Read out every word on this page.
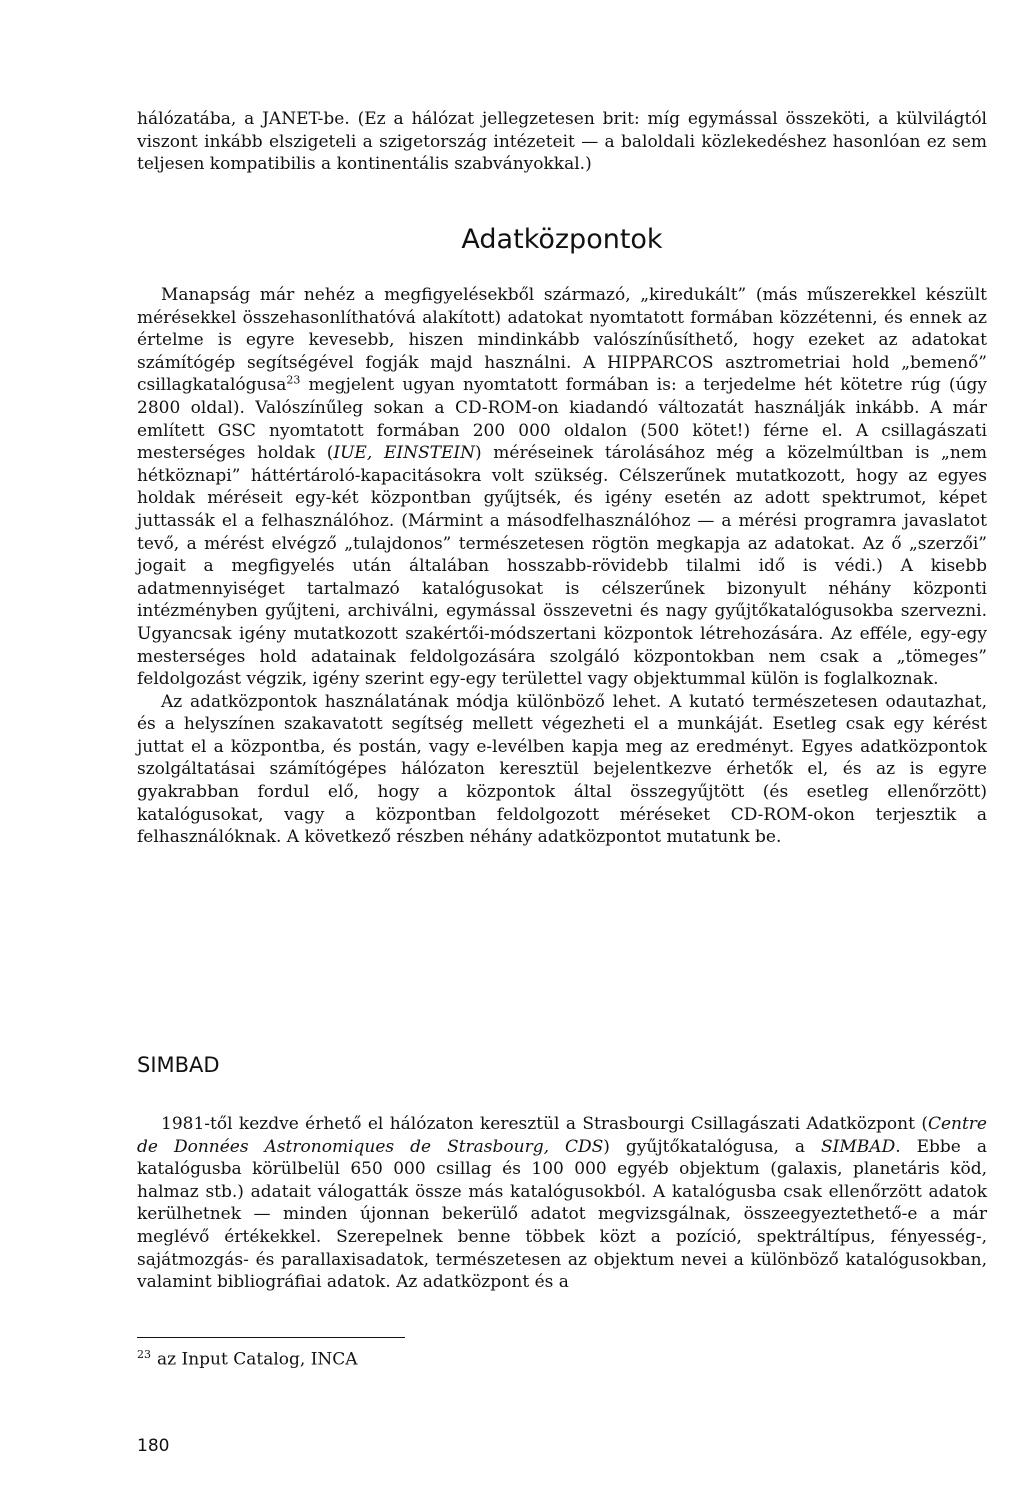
hálózatába, a JANET-be. (Ez a hálózat jellegzetesen brit: míg egymással összeköti, a külvilágtól viszont inkább elszigeteli a szigetország intézeteit — a baloldali közlekedéshez hasonlóan ez sem teljesen kompatibilis a kontinentális szabványokkal.)

Adatközpontok

Manapság már nehéz a megfigyelésekből származó, „kiredukált” (más műszerekkel készült mérésekkel összehasonlíthatóvá alakított) adatokat nyomtatott formában közzétenni, és ennek az értelme is egyre kevesebb, hiszen mindinkább valószínűsíthető, hogy ezeket az adatokat számítógép segítségével fogják majd használni. A HIPPARCOS asztrometriai hold „bemenő” csillagkatalógusa$^{23}$ megjelent ugyan nyomtatott formában is: a terjedelme hét kötetre rúg (úgy 2800 oldal). Valószínűleg sokan a CD-ROM-on kiadandó változatát használják inkább. A már említett GSC nyomtatott formában 200 000 oldalon (500 kötet!) férne el. A csillagászati mesterséges holdak (IUE, EINSTEIN) méréseinek tárolásához még a közelmúltban is „nem hétköznapi” háttértároló-kapacitásokra volt szükség. Célszerűnek mutatkozott, hogy az egyes holdak méréseit egy-két központban gyűjtsék, és igény esetén az adott spektrumot, képet juttassák el a felhasználóhoz. (Mármint a másodfelhasználóhoz — a mérési programra javaslatot tevő, a mérést elvégző „tulajdonos” természetesen rögtön megkapja az adatokat. Az ő „szerzői” jogait a megfigyelés után általában hosszabb-rövidebb tilalmi idő is védi.) A kisebb adatmennyiséget tartalmazó katalógusokat is célszerűnek bizonyult néhány központi intézményben gyűjteni, archiválni, egymással összevetni és nagy gyűjtőkatalógusokba szervezni. Ugyancsak igény mutatkozott szakértői-módszertani központok létrehozására. Az efféle, egy-egy mesterséges hold adatainak feldolgozására szolgáló központokban nem csak a „tömeges” feldolgozást végzik, igény szerint egy-egy területtel vagy objektummal külön is foglalkoznak.

Az adatközpontok használatának módja különböző lehet. A kutató természetesen odautazhat, és a helyszínen szakavatott segítség mellett végezheti el a munkáját. Esetleg csak egy kérést juttat el a központba, és postán, vagy e-levélben kapja meg az eredményt. Egyes adatközpontok szolgáltatásai számítógépes hálózaton keresztül bejelentkezve érhetők el, és az is egyre gyakrabban fordul elő, hogy a központok által összegyűjtött (és esetleg ellenőrzött) katalógusokat, vagy a központban feldolgozott méréseket CD-ROM-okon terjesztik a felhasználóknak. A következő részben néhány adatközpontot mutatunk be.

SIMBAD

1981-től kezdve érhető el hálózaton keresztül a Strasbourgi Csillagászati Adatközpont (Centre de Données Astronomiques de Strasbourg, CDS) gyűjtőkatalógusa, a SIMBAD. Ebbe a katalógusba körülbelül 650 000 csillag és 100 000 egyéb objektum (galaxis, planetáris köd, halmaz stb.) adatait válogatták össze más katalógusokból. A katalógusba csak ellenőrzött adatok kerülhetnek — minden újonnan bekerülő adatot megvizsgálnak, összeegyeztethető-e a már meglévő értékekkel. Szerepelnek benne többek közt a pozíció, spektráltípus, fényesség-, sajátmozgás- és parallaxisadatok, természetesen az objektum nevei a különböző katalógusokban, valamint bibliográfiai adatok. Az adatközpont és a

$^{23}$ az Input Catalog, INCA
180
